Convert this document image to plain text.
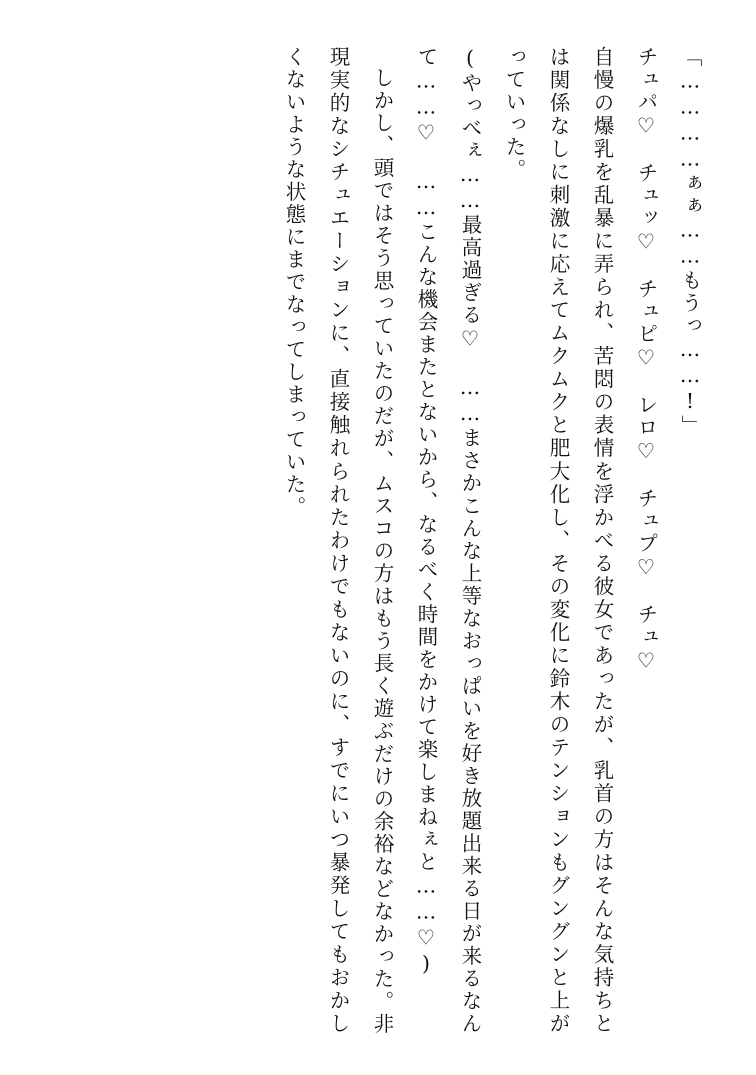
「…………ぁぁ……もうっ……!」

チュパ♡　チュッ♡　チュピ♡　レロ♡　チュプ♡　チュ♡

自慢の爆乳を乱暴に弄られ、苦悶の表情を浮かべる彼女であったが、乳首の方はそんな気持ちとは関係なしに刺激に応えてムクムクと肥大化し、その変化に鈴木のテンションもグングンと上がっていった。

(やっべぇ……最高過ぎる♡　……まさかこんな上等なおっぱいを好き放題出来る日が来るなんて……♡　……こんな機会またとないから、なるべく時間をかけて楽しまねぇと……♡)

しかし、頭ではそう思っていたのだが、ムスコの方はもう長く遊ぶだけの余裕などなかった。非現実的なシチュエーションに、直接触れられたわけでもないのに、すでにいつ暴発してもおかしくないような状態にまでなってしまっていた。
